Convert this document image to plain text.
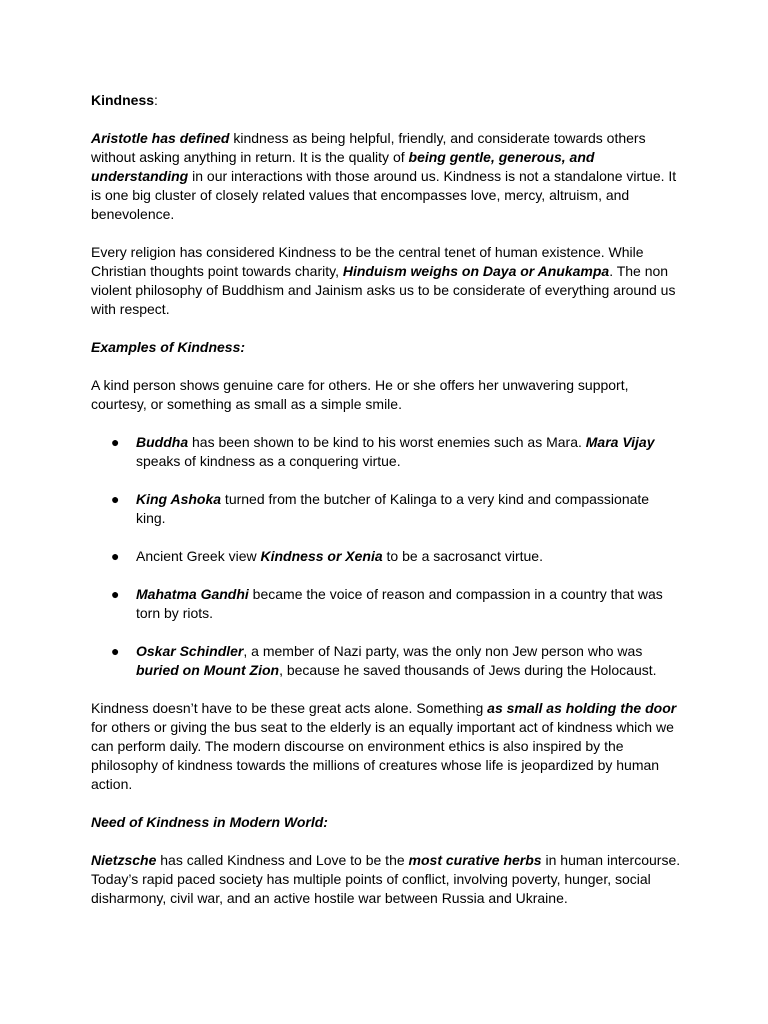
Kindness:

Aristotle has defined kindness as being helpful, friendly, and considerate towards others without asking anything in return. It is the quality of being gentle, generous, and understanding in our interactions with those around us. Kindness is not a standalone virtue. It is one big cluster of closely related values that encompasses love, mercy, altruism, and benevolence.

Every religion has considered Kindness to be the central tenet of human existence. While Christian thoughts point towards charity, Hinduism weighs on Daya or Anukampa. The non violent philosophy of Buddhism and Jainism asks us to be considerate of everything around us with respect.

Examples of Kindness:

A kind person shows genuine care for others. He or she offers her unwavering support, courtesy, or something as small as a simple smile.

● Buddha has been shown to be kind to his worst enemies such as Mara. Mara Vijay speaks of kindness as a conquering virtue.
● King Ashoka turned from the butcher of Kalinga to a very kind and compassionate king.
● Ancient Greek view Kindness or Xenia to be a sacrosanct virtue.
● Mahatma Gandhi became the voice of reason and compassion in a country that was torn by riots.
● Oskar Schindler, a member of Nazi party, was the only non Jew person who was buried on Mount Zion, because he saved thousands of Jews during the Holocaust.

Kindness doesn’t have to be these great acts alone. Something as small as holding the door for others or giving the bus seat to the elderly is an equally important act of kindness which we can perform daily. The modern discourse on environment ethics is also inspired by the philosophy of kindness towards the millions of creatures whose life is jeopardized by human action.

Need of Kindness in Modern World:

Nietzsche has called Kindness and Love to be the most curative herbs in human intercourse. Today’s rapid paced society has multiple points of conflict, involving poverty, hunger, social disharmony, civil war, and an active hostile war between Russia and Ukraine.
